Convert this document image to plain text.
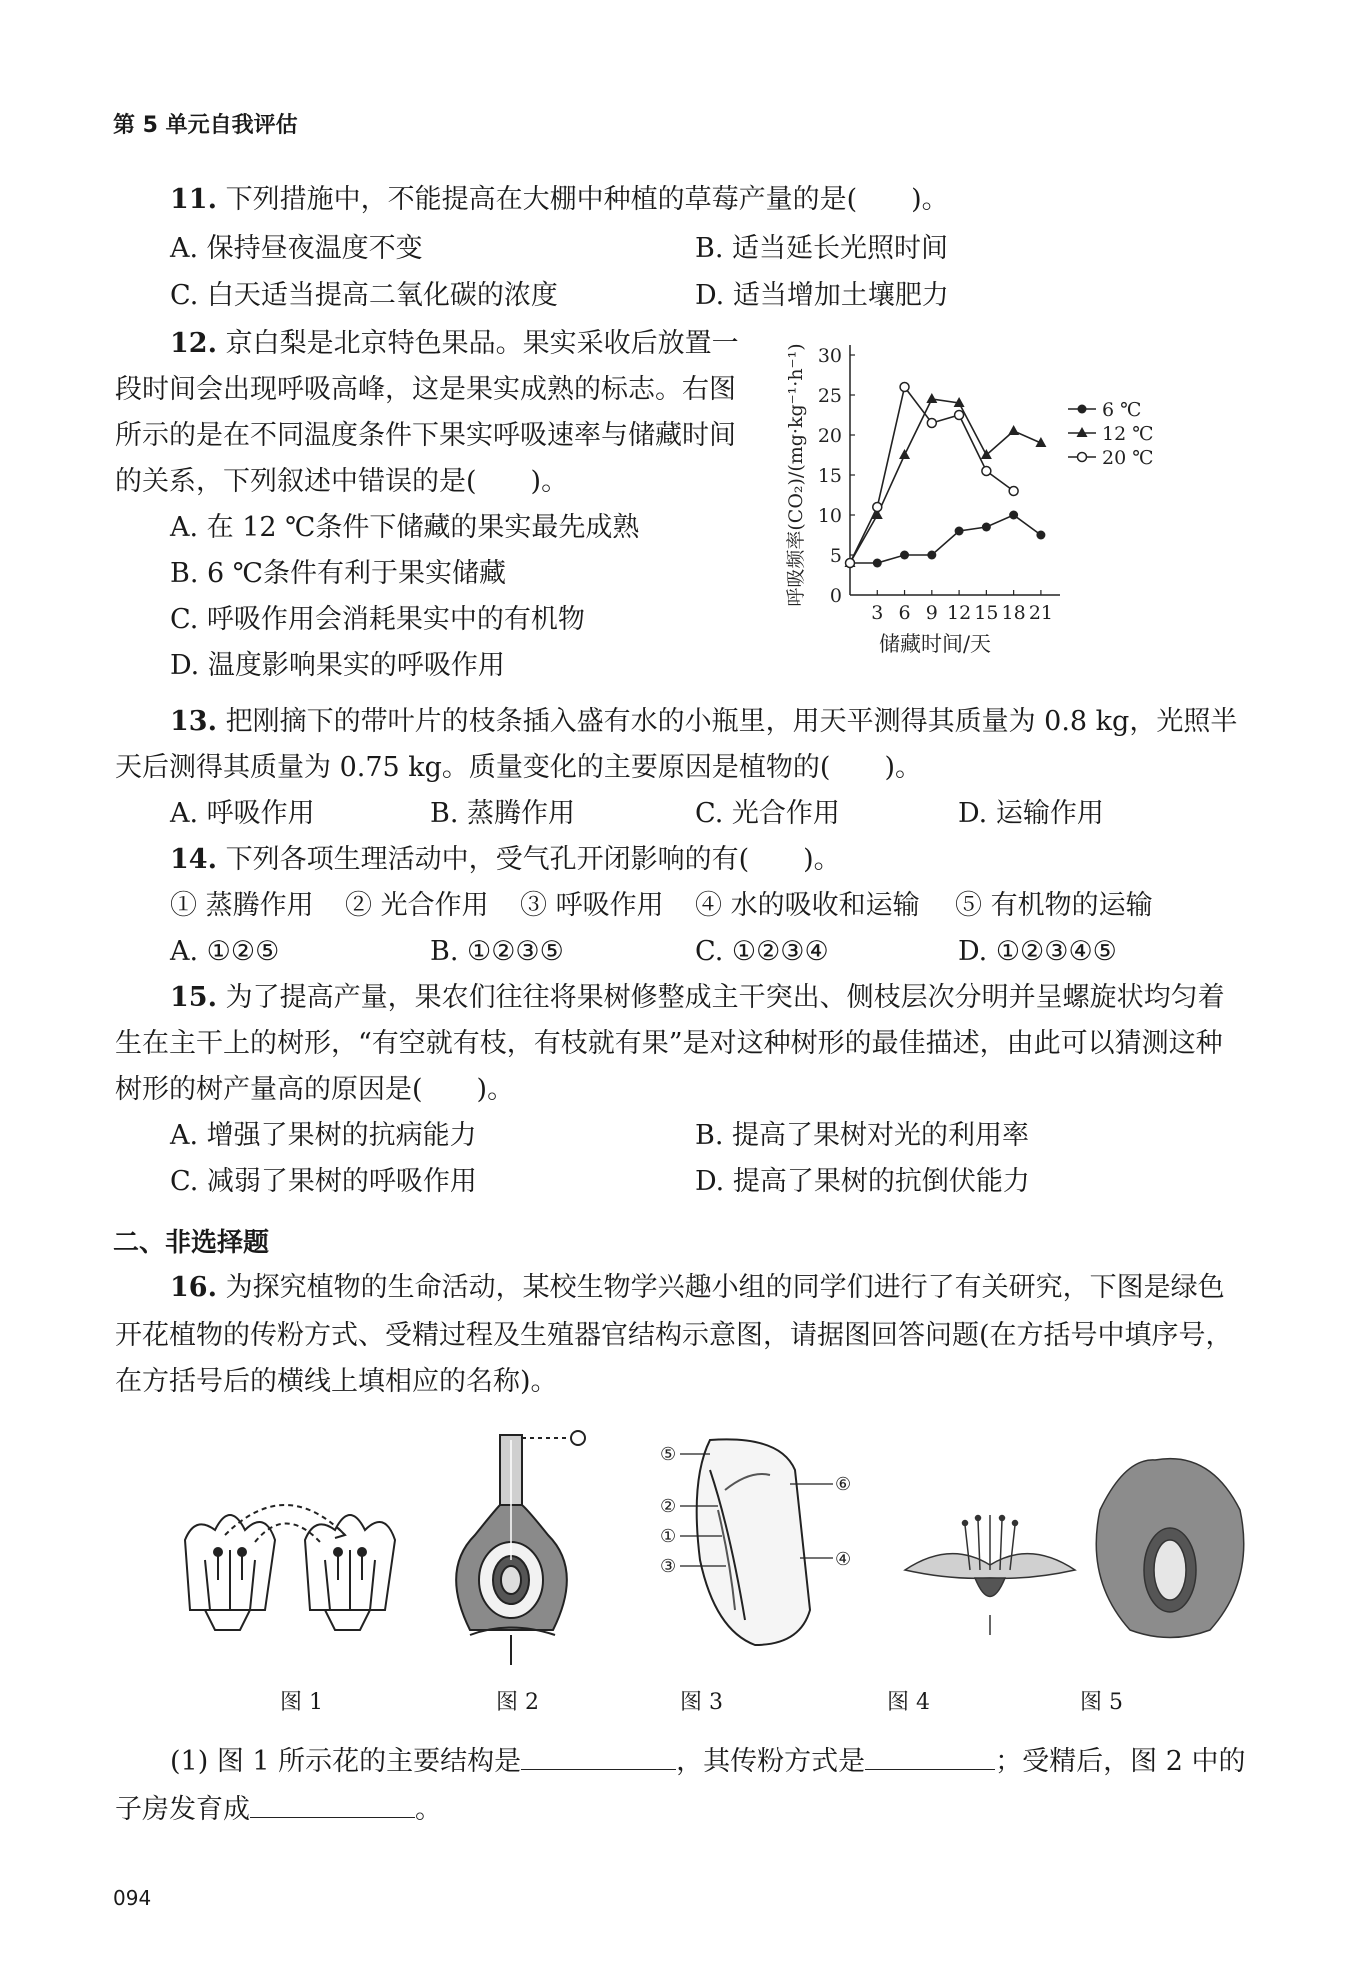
第 5 单元自我评估
11. 下列措施中，不能提高在大棚中种植的草莓产量的是(　　)。
A. 保持昼夜温度不变	B. 适当延长光照时间
C. 白天适当提高二氧化碳的浓度	D. 适当增加土壤肥力
12. 京白梨是北京特色果品。果实采收后放置一
段时间会出现呼吸高峰，这是果实成熟的标志。右图
所示的是在不同温度条件下果实呼吸速率与储藏时间
的关系，下列叙述中错误的是(　　)。
A. 在 12 ℃条件下储藏的果实最先成熟
B. 6 ℃条件有利于果实储藏
C. 呼吸作用会消耗果实中的有机物
D. 温度影响果实的呼吸作用
0
5
10
15
20
25
30
3 6 9 12 15 18 21
储藏时间/天
呼吸频率(CO₂)/(mg·kg⁻¹·h⁻¹)	6 ℃
12 ℃
20 ℃
13. 把刚摘下的带叶片的枝条插入盛有水的小瓶里，用天平测得其质量为 0.8 kg，光照半
天后测得其质量为 0.75 kg。质量变化的主要原因是植物的(　　)。
A. 呼吸作用	B. 蒸腾作用	C. 光合作用	D. 运输作用
14. 下列各项生理活动中，受气孔开闭影响的有(　　)。
① 蒸腾作用 ② 光合作用 ③ 呼吸作用 ④ 水的吸收和运输 ⑤ 有机物的运输
A. ①②⑤	B. ①②③⑤	C. ①②③④	D. ①②③④⑤
15. 为了提高产量，果农们往往将果树修整成主干突出、侧枝层次分明并呈螺旋状均匀着
生在主干上的树形，“有空就有枝，有枝就有果”是对这种树形的最佳描述，由此可以猜测这种
树形的树产量高的原因是(　　)。
A. 增强了果树的抗病能力	B. 提高了果树对光的利用率
C. 减弱了果树的呼吸作用	D. 提高了果树的抗倒伏能力
二、非选择题
16. 为探究植物的生命活动，某校生物学兴趣小组的同学们进行了有关研究，下图是绿色
开花植物的传粉方式、受精过程及生殖器官结构示意图，请据图回答问题(在方括号中填序号，
在方括号后的横线上填相应的名称)。
⑤
②
①
③
⑥
④
图 1	图 2	图 3	图 4	图 5
(1) 图 1 所示花的主要结构是	，其传粉方式是	；受精后，图 2 中的
子房发育成	。
094
